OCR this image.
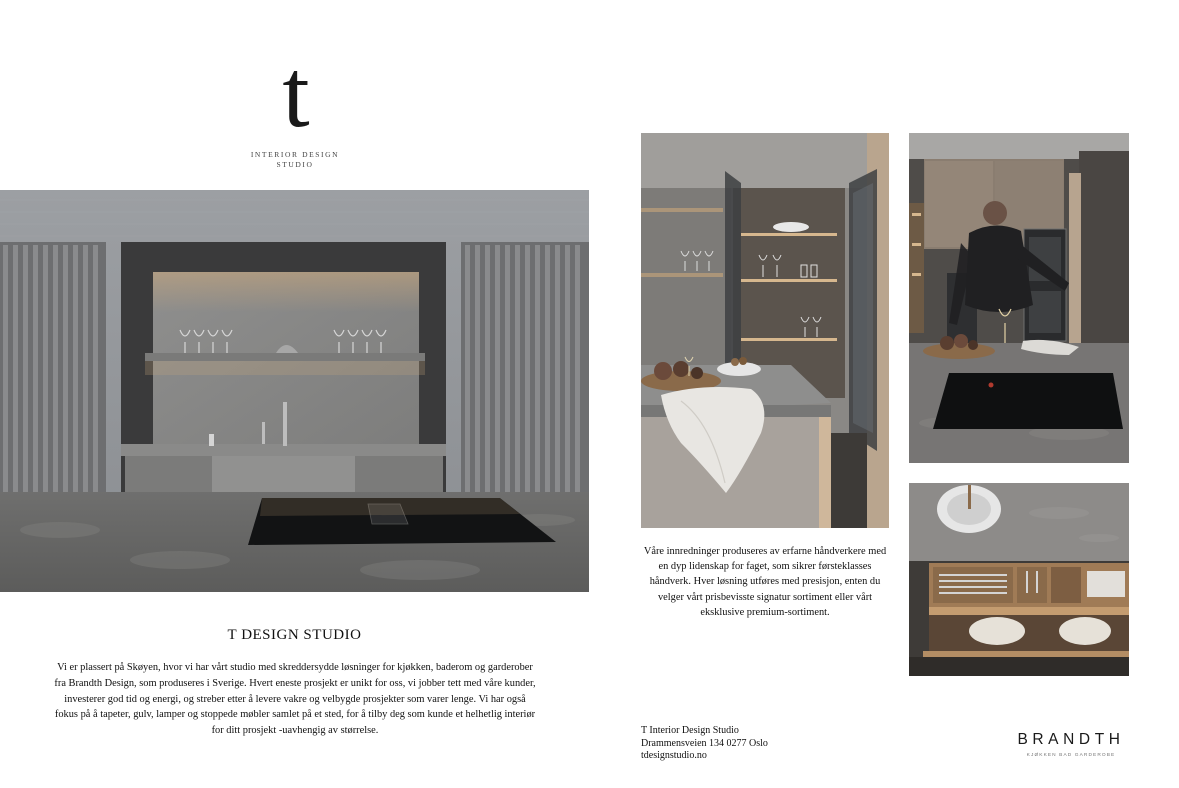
t
INTERIOR DESIGN
STUDIO
T DESIGN STUDIO
Vi er plassert på Skøyen, hvor vi har vårt studio med skreddersydde løsninger for kjøkken, baderom og garderober fra Brandth Design, som produseres i Sverige. Hvert eneste prosjekt er unikt for oss, vi jobber tett med våre kunder, investerer god tid og energi, og streber etter å levere vakre og velbygde prosjekter som varer lenge. Vi har også fokus på å tapeter, gulv, lamper og stoppede møbler samlet på et sted, for å tilby deg som kunde et helhetlig interiør for ditt prosjekt -uavhengig av størrelse.
Våre innredninger produseres av erfarne håndverkere med en dyp lidenskap for faget, som sikrer førsteklasses håndverk. Hver løsning utføres med presisjon, enten du velger vårt prisbevisste signatur sortiment eller vårt eksklusive premium-sortiment.
T Interior Design Studio
Drammensveien 134 0277 Oslo
tdesignstudio.no
BRANDTH
KJØKKEN BAD GARDEROBE
